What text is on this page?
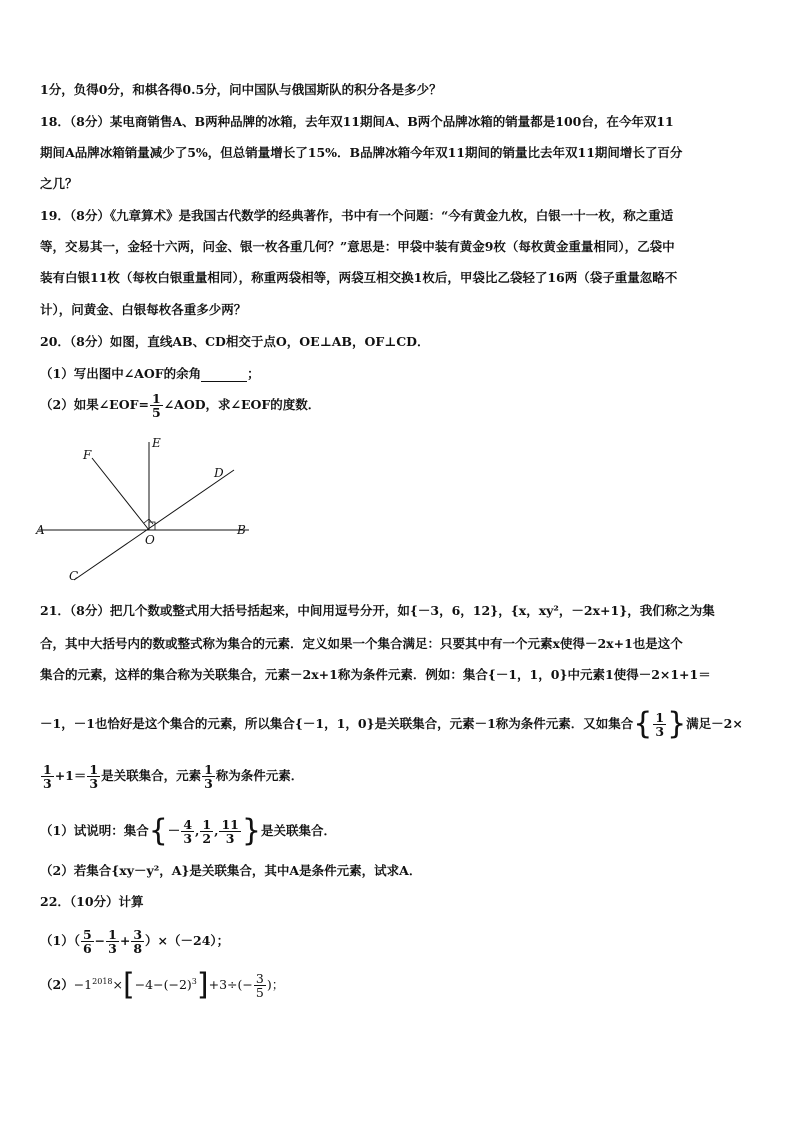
1分，负得0分，和棋各得0.5分，问中国队与俄国斯队的积分各是多少？
18．（8分）某电商销售A、B两种品牌的冰箱，去年双11期间A、B两个品牌冰箱的销量都是100台，在今年双11
期间A品牌冰箱销量减少了5%，但总销量增长了15%．B品牌冰箱今年双11期间的销量比去年双11期间增长了百分
之几？
19．（8分）《九章算术》是我国古代数学的经典著作，书中有一个问题：“今有黄金九枚，白银一十一枚，称之重适
等，交易其一，金轻十六两，问金、银一枚各重几何？”意思是：甲袋中装有黄金9枚（每枚黄金重量相同），乙袋中
装有白银11枚（每枚白银重量相同），称重两袋相等，两袋互相交换1枚后，甲袋比乙袋轻了16两（袋子重量忽略不
计），问黄金、白银每枚各重多少两？
20．（8分）如图，直线AB、CD相交于点O，OE⊥AB，OF⊥CD．
（1）写出图中∠AOF的余角	；
（2）如果∠EOF= $\frac{1}{5}$ ∠AOD，求∠EOF的度数．
A	B
C
D
E
F
O
21．（8分）把几个数或整式用大括号括起来，中间用逗号分开，如{－3，6，12}，{x，xy²，－2x+1}，我们称之为集
合，其中大括号内的数或整式称为集合的元素．定义如果一个集合满足：只要其中有一个元素x使得－2x+1也是这个
集合的元素，这样的集合称为关联集合，元素－2x+1称为条件元素．例如：集合{－1，1，0}中元素1使得－2×1+1＝
－1，－1也恰好是这个集合的元素，所以集合{－1，1，0}是关联集合，元素－1称为条件元素．又如集合{ $\frac{1}{3}$ }满足－2×
$\frac{1}{3} +1= \frac{1}{3}$ 是关联集合，元素 $\frac{1}{3}$ 称为条件元素．
（1）试说明：集合{－ $\frac{4}{3}$ , $\frac{1}{2}$ , $\frac{11}{3}$ }是关联集合．
（2）若集合{xy－y²，A}是关联集合，其中A是条件元素，试求A．
22．（10分）计算
$(1)( \frac{5}{6} - \frac{1}{3} + \frac{3}{8} )\times(-24)$；
$(2)-1^{2018}\times[-4-(-2)^3]+3\div(- \frac{3}{5}$ )；
